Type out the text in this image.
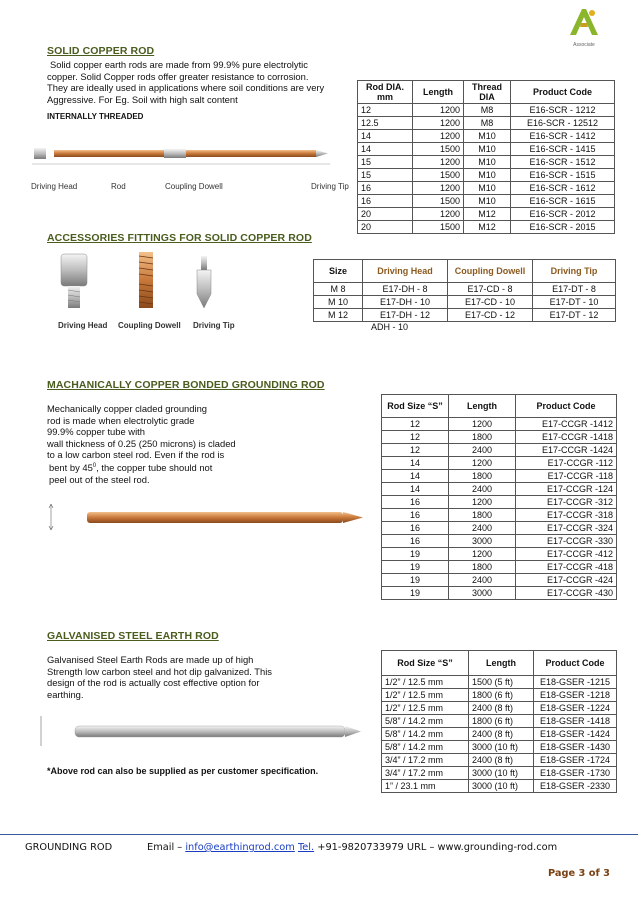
Associate
SOLID COPPER ROD
Solid copper earth rods are made from 99.9% pure electrolytic
copper. Solid Copper rods offer greater resistance to corrosion.
They are ideally used in applications where soil conditions are very
Aggressive. For Eg. Soil with high salt content
INTERNALLY THREADED
Driving Head	Rod	Coupling Dowell	Driving Tip
Rod DIA. mm	Length	Thread DIA	Product Code
12	1200	M8	E16-SCR - 1212
12.5	1200	M8	E16-SCR - 12512
14	1200	M10	E16-SCR - 1412
14	1500	M10	E16-SCR - 1415
15	1200	M10	E16-SCR - 1512
15	1500	M10	E16-SCR - 1515
16	1200	M10	E16-SCR - 1612
16	1500	M10	E16-SCR - 1615
20	1200	M12	E16-SCR - 2012
20	1500	M12	E16-SCR - 2015
ACCESSORIES FITTINGS FOR SOLID COPPER ROD
Driving Head Coupling Dowell Driving Tip
Size	Driving Head	Coupling Dowell	Driving Tip
M 8	E17-DH - 8	E17-CD - 8	E17-DT - 8
M 10	E17-DH - 10	E17-CD - 10	E17-DT - 10
M 12	E17-DH - 12	E17-CD - 12	E17-DT - 12
ADH - 10
MACHANICALLY COPPER BONDED GROUNDING ROD
Mechanically copper claded grounding
rod is made when electrolytic grade
99.9% copper tube with
wall thickness of 0.25 (250 microns) is claded
to a low carbon steel rod. Even if the rod is
bent by $45^0$, the copper tube should not
peel out of the steel rod.
Rod Size “S”	Length	Product Code
12	1200	E17-CCGR -1412
12	1800	E17-CCGR -1418
12	2400	E17-CCGR -1424
14	1200	E17-CCGR -112
14	1800	E17-CCGR -118
14	2400	E17-CCGR -124
16	1200	E17-CCGR -312
16	1800	E17-CCGR -318
16	2400	E17-CCGR -324
16	3000	E17-CCGR -330
19	1200	E17-CCGR -412
19	1800	E17-CCGR -418
19	2400	E17-CCGR -424
19	3000	E17-CCGR -430
GALVANISED STEEL EARTH ROD
Galvanised Steel Earth Rods are made up of high
Strength low carbon steel and hot dip galvanized. This
design of the rod is actually cost effective option for
earthing.
*Above rod can also be supplied as per customer specification.
Rod Size “S”	Length	Product Code
1/2” / 12.5 mm	1500 (5 ft)	E18-GSER -1215
1/2” / 12.5 mm	1800 (6 ft)	E18-GSER -1218
1/2” / 12.5 mm	2400 (8 ft)	E18-GSER -1224
5/8” / 14.2 mm	1800 (6 ft)	E18-GSER -1418
5/8” / 14.2 mm	2400 (8 ft)	E18-GSER -1424
5/8” / 14.2 mm	3000 (10 ft)	E18-GSER -1430
3/4” / 17.2 mm	2400 (8 ft)	E18-GSER -1724
3/4” / 17.2 mm	3000 (10 ft)	E18-GSER -1730
1” / 23.1 mm	3000 (10 ft)	E18-GSER -2330
GROUNDING ROD	Email – info@earthingrod.com Tel. +91-9820733979 URL – www.grounding-rod.com
Page 3 of 3
